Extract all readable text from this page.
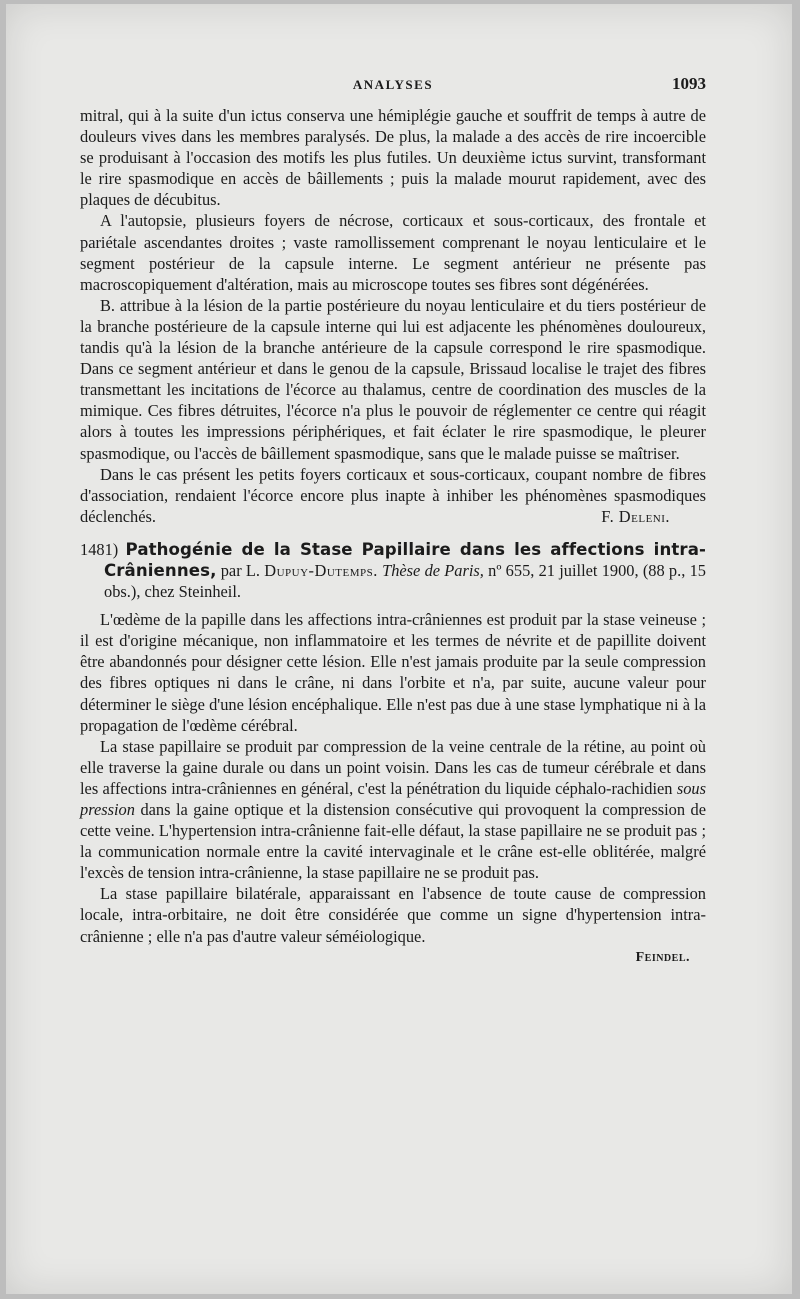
ANALYSES	1093

mitral, qui à la suite d'un ictus conserva une hémiplégie gauche et souffrit de temps à autre de douleurs vives dans les membres paralysés. De plus, la malade a des accès de rire incoercible se produisant à l'occasion des motifs les plus futiles. Un deuxième ictus survint, transformant le rire spasmodique en accès de bâillements ; puis la malade mourut rapidement, avec des plaques de décubitus.

A l'autopsie, plusieurs foyers de nécrose, corticaux et sous-corticaux, des frontale et pariétale ascendantes droites ; vaste ramollissement comprenant le noyau lenticulaire et le segment postérieur de la capsule interne. Le segment antérieur ne présente pas macroscopiquement d'altération, mais au microscope toutes ses fibres sont dégénérées.

B. attribue à la lésion de la partie postérieure du noyau lenticulaire et du tiers postérieur de la branche postérieure de la capsule interne qui lui est adjacente les phénomènes douloureux, tandis qu'à la lésion de la branche antérieure de la capsule correspond le rire spasmodique. Dans ce segment antérieur et dans le genou de la capsule, Brissaud localise le trajet des fibres transmettant les incitations de l'écorce au thalamus, centre de coordination des muscles de la mimique. Ces fibres détruites, l'écorce n'a plus le pouvoir de réglementer ce centre qui réagit alors à toutes les impressions périphériques, et fait éclater le rire spasmodique, le pleurer spasmodique, ou l'accès de bâillement spasmodique, sans que le malade puisse se maîtriser.

Dans le cas présent les petits foyers corticaux et sous-corticaux, coupant nombre de fibres d'association, rendaient l'écorce encore plus inapte à inhiber les phénomènes spasmodiques déclenchés.	F. Deleni.

1481) Pathogénie de la Stase Papillaire dans les affections intra-Crâniennes, par L. Dupuy-Dutemps. Thèse de Paris, nº 655, 21 juillet 1900, (88 p., 15 obs.), chez Steinheil.

L'œdème de la papille dans les affections intra-crâniennes est produit par la stase veineuse ; il est d'origine mécanique, non inflammatoire et les termes de névrite et de papillite doivent être abandonnés pour désigner cette lésion. Elle n'est jamais produite par la seule compression des fibres optiques ni dans le crâne, ni dans l'orbite et n'a, par suite, aucune valeur pour déterminer le siège d'une lésion encéphalique. Elle n'est pas due à une stase lymphatique ni à la propagation de l'œdème cérébral.

La stase papillaire se produit par compression de la veine centrale de la rétine, au point où elle traverse la gaine durale ou dans un point voisin. Dans les cas de tumeur cérébrale et dans les affections intra-crâniennes en général, c'est la pénétration du liquide céphalo-rachidien sous pression dans la gaine optique et la distension consécutive qui provoquent la compression de cette veine. L'hypertension intra-crânienne fait-elle défaut, la stase papillaire ne se produit pas ; la communication normale entre la cavité intervaginale et le crâne est-elle oblitérée, malgré l'excès de tension intra-crânienne, la stase papillaire ne se produit pas.

La stase papillaire bilatérale, apparaissant en l'absence de toute cause de compression locale, intra-orbitaire, ne doit être considérée que comme un signe d'hypertension intra-crânienne ; elle n'a pas d'autre valeur séméiologique.

Feindel.
